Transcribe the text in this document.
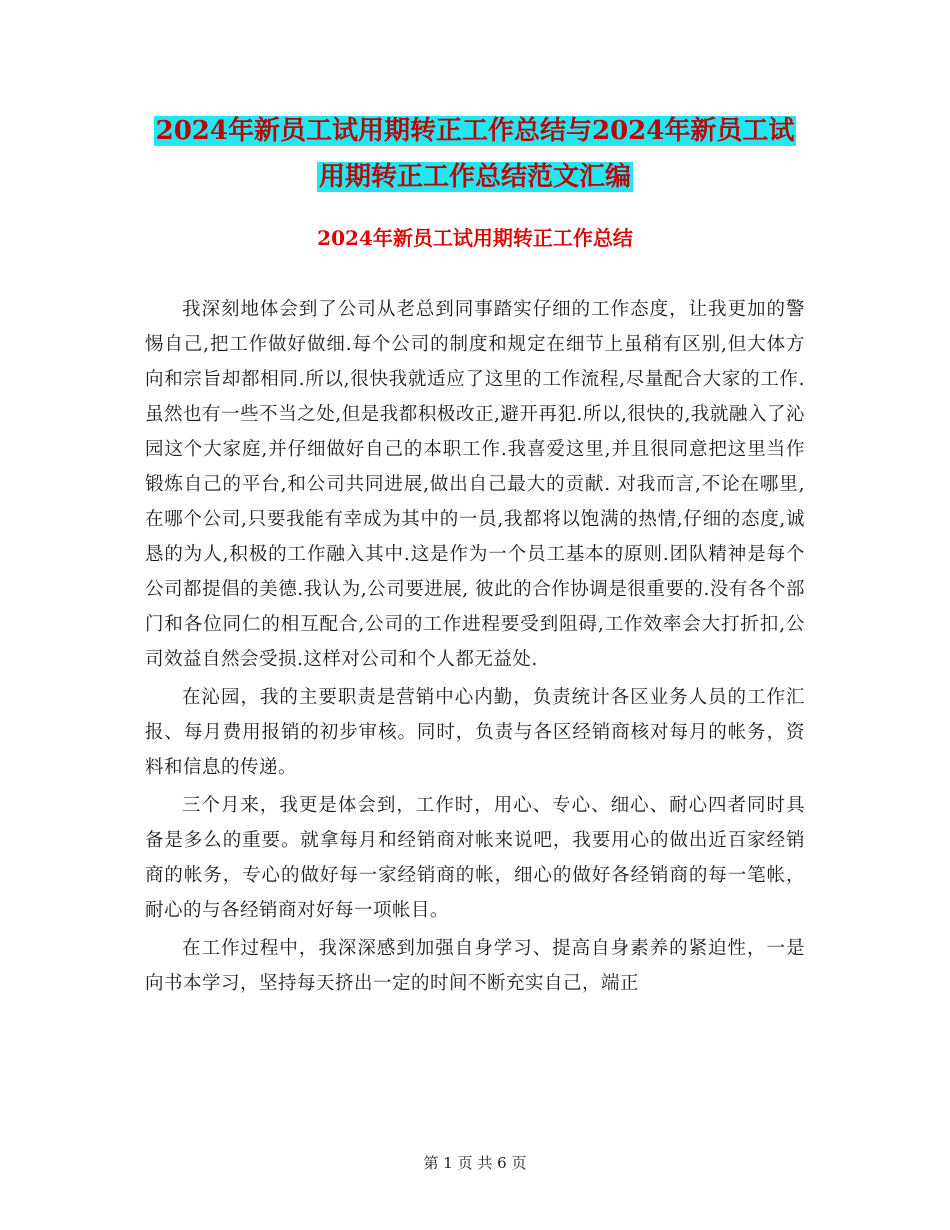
2024年新员工试用期转正工作总结与2024年新员工试
用期转正工作总结范文汇编
2024年新员工试用期转正工作总结

我深刻地体会到了公司从老总到同事踏实仔细的工作态度，让我更加的警惕自己,把工作做好做细.每个公司的制度和规定在细节上虽稍有区别,但大体方向和宗旨却都相同.所以,很快我就适应了这里的工作流程,尽量配合大家的工作.虽然也有一些不当之处,但是我都积极改正,避开再犯.所以,很快的,我就融入了沁园这个大家庭,并仔细做好自己的本职工作.我喜爱这里,并且很同意把这里当作锻炼自己的平台,和公司共同进展,做出自己最大的贡献. 对我而言,不论在哪里,在哪个公司,只要我能有幸成为其中的一员,我都将以饱满的热情,仔细的态度,诚恳的为人,积极的工作融入其中.这是作为一个员工基本的原则.团队精神是每个公司都提倡的美德.我认为,公司要进展, 彼此的合作协调是很重要的.没有各个部门和各位同仁的相互配合,公司的工作进程要受到阻碍,工作效率会大打折扣,公司效益自然会受损.这样对公司和个人都无益处.

在沁园，我的主要职责是营销中心内勤，负责统计各区业务人员的工作汇报、每月费用报销的初步审核。同时，负责与各区经销商核对每月的帐务，资料和信息的传递。

三个月来，我更是体会到，工作时，用心、专心、细心、耐心四者同时具备是多么的重要。就拿每月和经销商对帐来说吧，我要用心的做出近百家经销商的帐务，专心的做好每一家经销商的帐，细心的做好各经销商的每一笔帐，耐心的与各经销商对好每一项帐目。

在工作过程中，我深深感到加强自身学习、提高自身素养的紧迫性，一是向书本学习，坚持每天挤出一定的时间不断充实自己，端正

第 1 页 共 6 页
